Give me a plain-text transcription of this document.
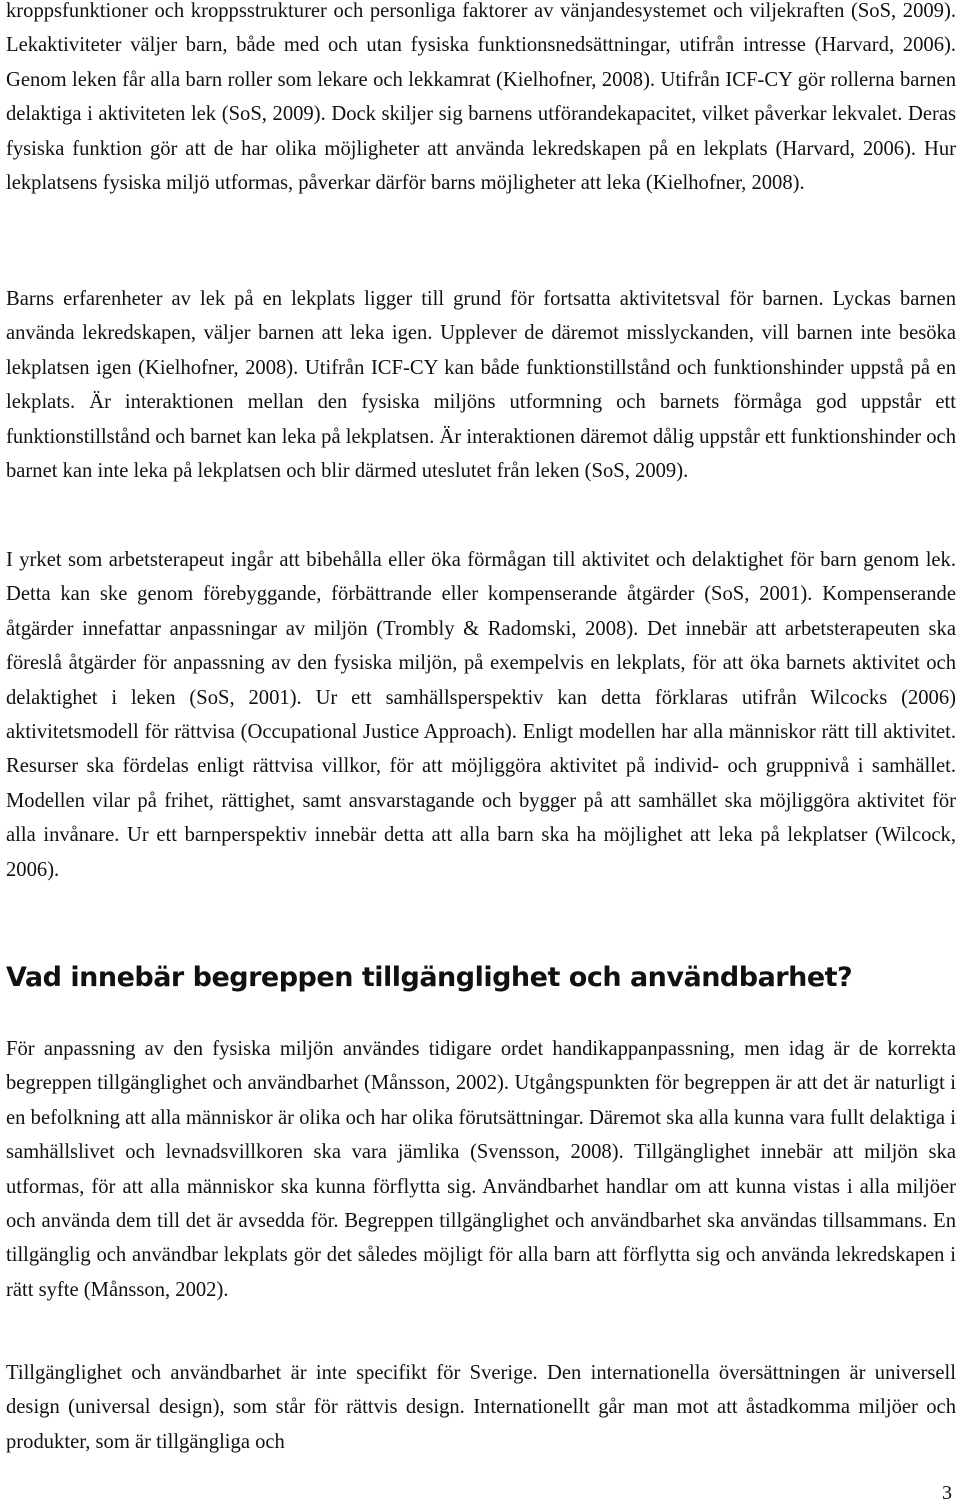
kroppsfunktioner och kroppsstrukturer och personliga faktorer av vänjandesystemet och viljekraften (SoS, 2009). Lekaktiviteter väljer barn, både med och utan fysiska funktionsnedsättningar, utifrån intresse (Harvard, 2006). Genom leken får alla barn roller som lekare och lekkamrat (Kielhofner, 2008). Utifrån ICF-CY gör rollerna barnen delaktiga i aktiviteten lek (SoS, 2009). Dock skiljer sig barnens utförandekapacitet, vilket påverkar lekvalet. Deras fysiska funktion gör att de har olika möjligheter att använda lekredskapen på en lekplats (Harvard, 2006). Hur lekplatsens fysiska miljö utformas, påverkar därför barns möjligheter att leka (Kielhofner, 2008).

Barns erfarenheter av lek på en lekplats ligger till grund för fortsatta aktivitetsval för barnen. Lyckas barnen använda lekredskapen, väljer barnen att leka igen. Upplever de däremot misslyckanden, vill barnen inte besöka lekplatsen igen (Kielhofner, 2008). Utifrån ICF-CY kan både funktionstillstånd och funktionshinder uppstå på en lekplats. Är interaktionen mellan den fysiska miljöns utformning och barnets förmåga god uppstår ett funktionstillstånd och barnet kan leka på lekplatsen. Är interaktionen däremot dålig uppstår ett funktionshinder och barnet kan inte leka på lekplatsen och blir därmed uteslutet från leken (SoS, 2009).

I yrket som arbetsterapeut ingår att bibehålla eller öka förmågan till aktivitet och delaktighet för barn genom lek. Detta kan ske genom förebyggande, förbättrande eller kompenserande åtgärder (SoS, 2001). Kompenserande åtgärder innefattar anpassningar av miljön (Trombly & Radomski, 2008). Det innebär att arbetsterapeuten ska föreslå åtgärder för anpassning av den fysiska miljön, på exempelvis en lekplats, för att öka barnets aktivitet och delaktighet i leken (SoS, 2001). Ur ett samhällsperspektiv kan detta förklaras utifrån Wilcocks (2006) aktivitetsmodell för rättvisa (Occupational Justice Approach). Enligt modellen har alla människor rätt till aktivitet. Resurser ska fördelas enligt rättvisa villkor, för att möjliggöra aktivitet på individ- och gruppnivå i samhället. Modellen vilar på frihet, rättighet, samt ansvarstagande och bygger på att samhället ska möjliggöra aktivitet för alla invånare. Ur ett barnperspektiv innebär detta att alla barn ska ha möjlighet att leka på lekplatser (Wilcock, 2006).

Vad innebär begreppen tillgänglighet och användbarhet?

För anpassning av den fysiska miljön användes tidigare ordet handikappanpassning, men idag är de korrekta begreppen tillgänglighet och användbarhet (Månsson, 2002). Utgångspunkten för begreppen är att det är naturligt i en befolkning att alla människor är olika och har olika förutsättningar. Däremot ska alla kunna vara fullt delaktiga i samhällslivet och levnadsvillkoren ska vara jämlika (Svensson, 2008). Tillgänglighet innebär att miljön ska utformas, för att alla människor ska kunna förflytta sig. Användbarhet handlar om att kunna vistas i alla miljöer och använda dem till det är avsedda för. Begreppen tillgänglighet och användbarhet ska användas tillsammans. En tillgänglig och användbar lekplats gör det således möjligt för alla barn att förflytta sig och använda lekredskapen i rätt syfte (Månsson, 2002).

Tillgänglighet och användbarhet är inte specifikt för Sverige. Den internationella översättningen är universell design (universal design), som står för rättvis design. Internationellt går man mot att åstadkomma miljöer och produkter, som är tillgängliga och

3
